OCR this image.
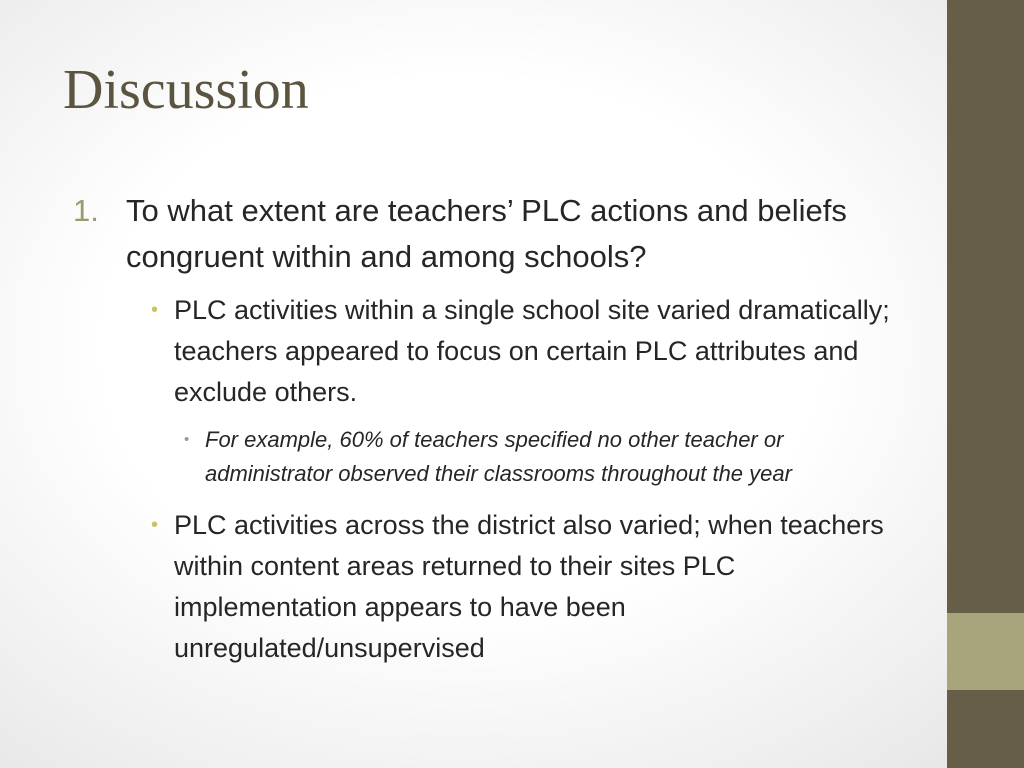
Discussion
1. To what extent are teachers’ PLC actions and beliefs congruent within and among schools?
• PLC activities within a single school site varied dramatically; teachers appeared to focus on certain PLC attributes and exclude others.
• For example, 60% of teachers specified no other teacher or administrator observed their classrooms throughout the year
• PLC activities across the district also varied; when teachers within content areas returned to their sites PLC implementation appears to have been unregulated/unsupervised
